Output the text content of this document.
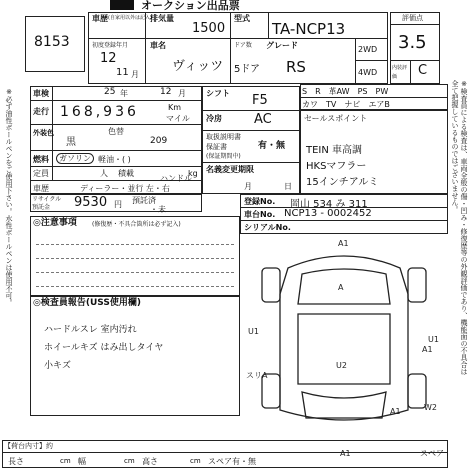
オークション出品票
8153
車歴 (自家用以外は記入)
排気量
1500
型式
TA-NCP13
初度登録年月
12
11 月
車名
ヴィッツ
ドア数
5ドア
グレード
RS
2WD
4WD
評価点
3.5
内装評価	C
※検査員による検査は、車両全般の傷・凹み・修復歴等の外観評価であり、機能面の不具合は全て把握しているものではございません。
※必ず油性ボールペンをご使用下さい。水性ボールペンは使用不可。	車検	25 年	12 月
走行 168,936	Km
マイル
外装色
黒
色替
209
燃料	ガソリン 軽油・( )
定員	人 積載	kg
車歴	ディーラー・並行 左・右
ハンドル
リサイクル
預託金 9530 円 預託済
・未
シフト F5
冷房 AC
取扱説明書
保証書
(保証期間中)
有・無
名義変更期限
月	日
S R 革AW PS PW
カワ TV ナビ エアB
セールスポイント
TEIN 車高調
HKSマフラー
15インチアルミ
登録No. 岡山 534 み 311
車台No. NCP13 - 0002452
シリアルNo.
◎注意事項	(修復歴・不具合箇所は必ず記入)
◎検査員報告(USS使用欄)
ハードルスレ 室内汚れ
ホイールキズ はみ出しタイヤ
小キズ
A1
A
U1
U1
A1
A1
スリA
U2
W2
A1	スペア
【荷台内寸】約
長さ	cm 幅	cm 高さ	cm スペア 有・無
